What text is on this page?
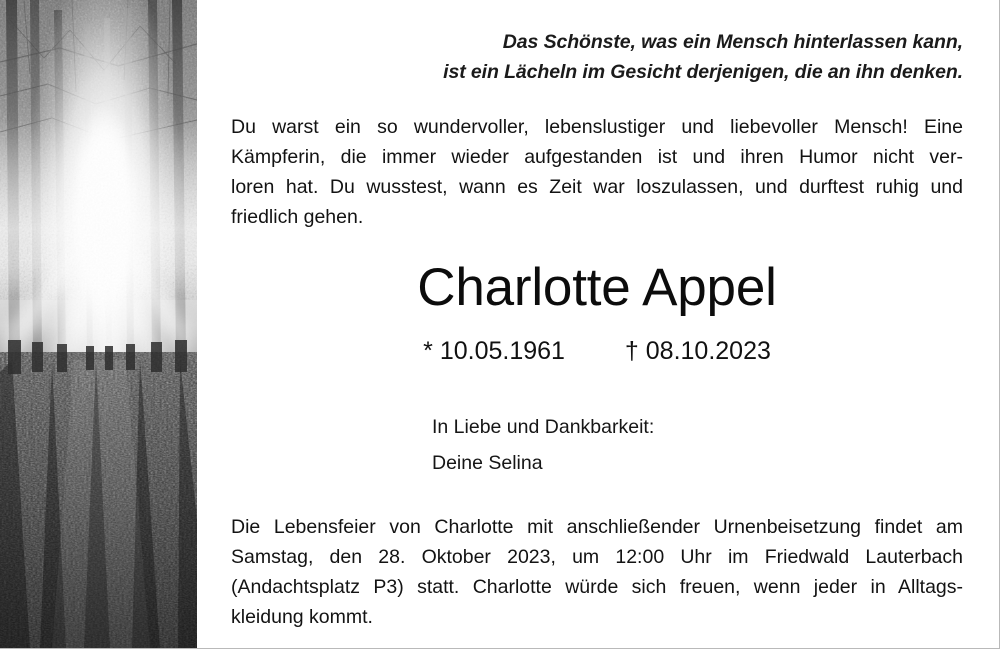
Das Schönste, was ein Mensch hinterlassen kann,
ist ein Lächeln im Gesicht derjenigen, die an ihn denken.
Du warst ein so wundervoller, lebenslustiger und liebevoller Mensch! Eine
Kämpferin, die immer wieder aufgestanden ist und ihren Humor nicht ver-
loren hat. Du wusstest, wann es Zeit war loszulassen, und durftest ruhig und
friedlich gehen.
Charlotte Appel
* 10.05.1961 † 08.10.2023
In Liebe und Dankbarkeit:
Deine Selina
Die Lebensfeier von Charlotte mit anschließender Urnenbeisetzung findet am
Samstag, den 28. Oktober 2023, um 12:00 Uhr im Friedwald Lauterbach
(Andachtsplatz P3) statt. Charlotte würde sich freuen, wenn jeder in Alltags-
kleidung kommt.
